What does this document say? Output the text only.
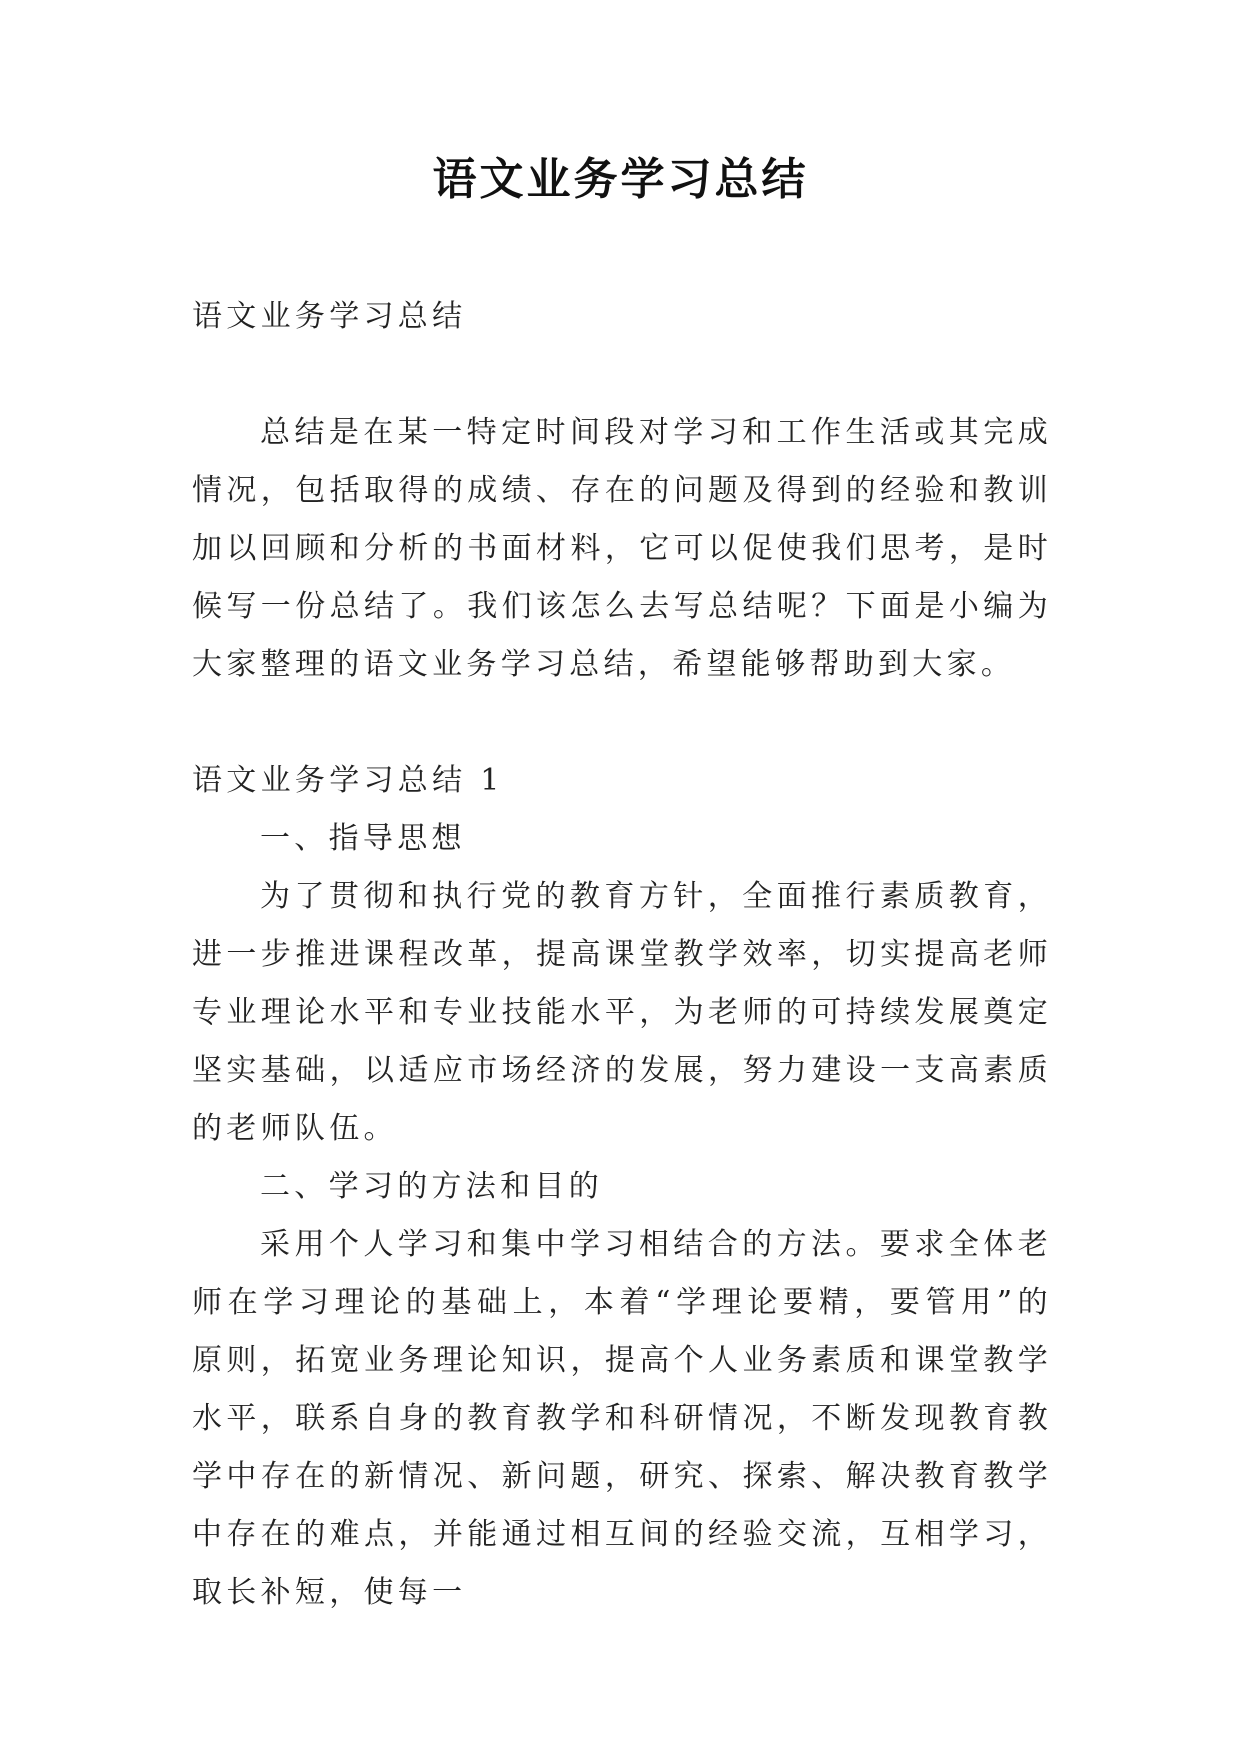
语文业务学习总结

语文业务学习总结

总结是在某一特定时间段对学习和工作生活或其完成情况，包括取得的成绩、存在的问题及得到的经验和教训加以回顾和分析的书面材料，它可以促使我们思考，是时候写一份总结了。我们该怎么去写总结呢？下面是小编为大家整理的语文业务学习总结，希望能够帮助到大家。

语文业务学习总结 1

一、指导思想

为了贯彻和执行党的教育方针，全面推行素质教育，进一步推进课程改革，提高课堂教学效率，切实提高老师专业理论水平和专业技能水平，为老师的可持续发展奠定坚实基础，以适应市场经济的发展，努力建设一支高素质的老师队伍。

二、学习的方法和目的

采用个人学习和集中学习相结合的方法。要求全体老师在学习理论的基础上，本着“学理论要精，要管用”的原则，拓宽业务理论知识，提高个人业务素质和课堂教学水平，联系自身的教育教学和科研情况，不断发现教育教学中存在的新情况、新问题，研究、探索、解决教育教学中存在的难点，并能通过相互间的经验交流，互相学习，取长补短，使每一
